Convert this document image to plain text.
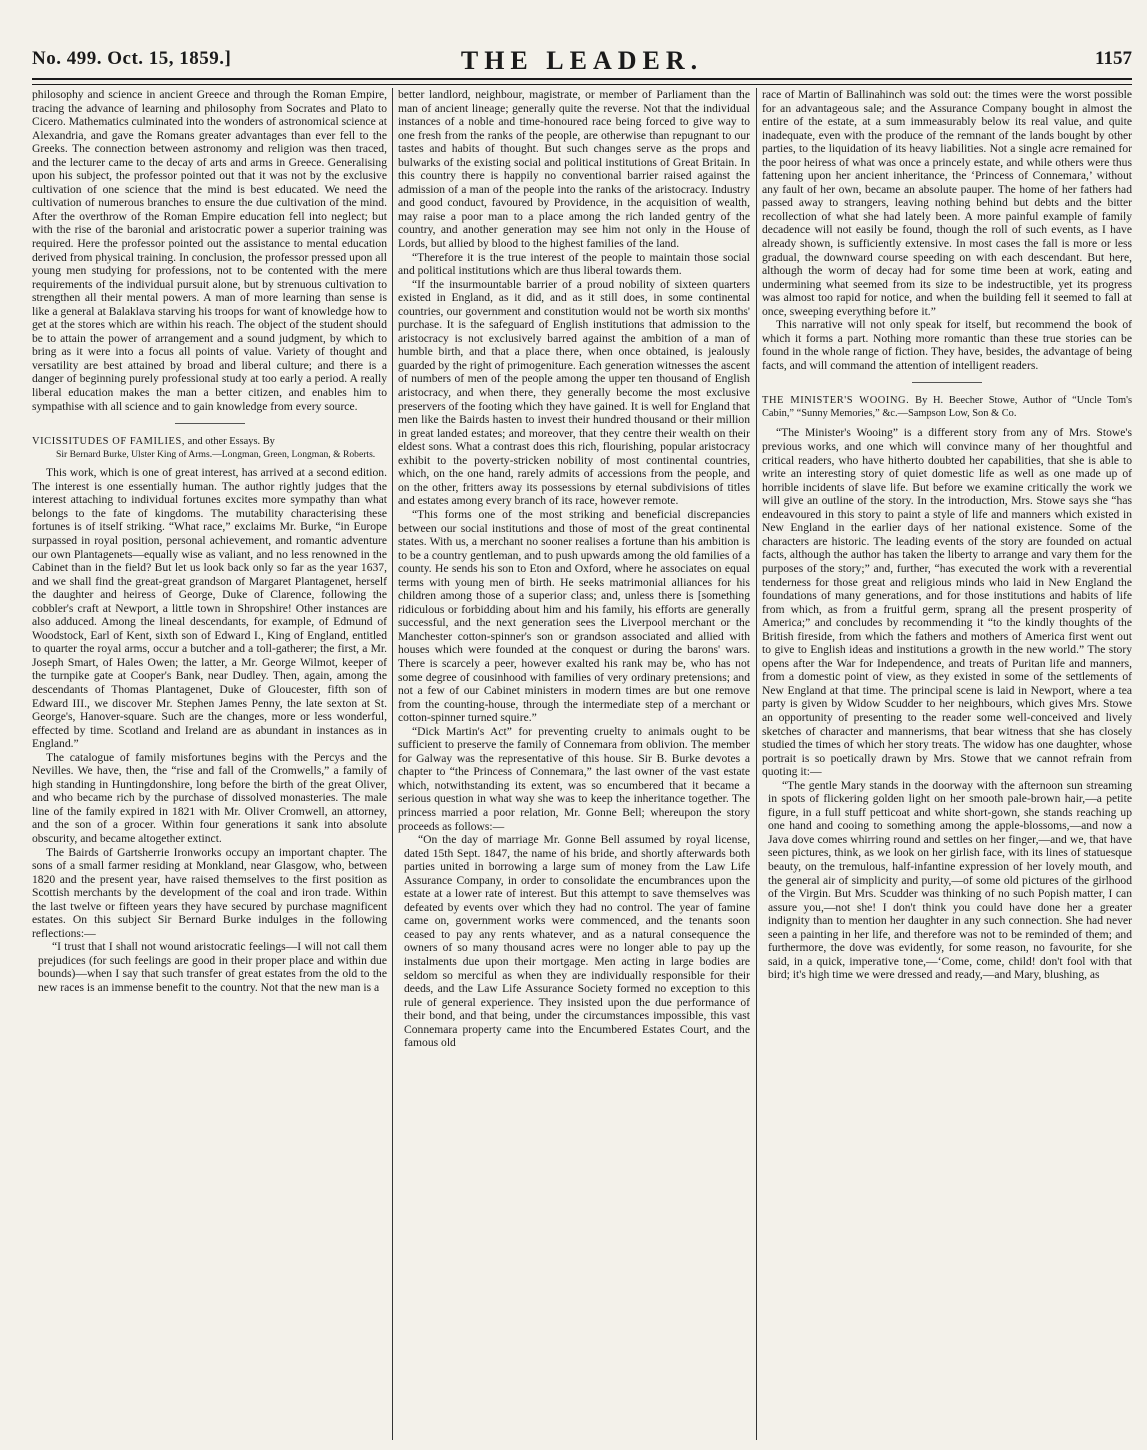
No. 499. Oct. 15, 1859.]	THE LEADER.	1157

philosophy and science in ancient Greece and through the Roman Empire, tracing the advance of learning and philosophy from Socrates and Plato to Cicero. Mathematics culminated into the wonders of astronomical science at Alexandria, and gave the Romans greater advantages than ever fell to the Greeks. The connection between astronomy and religion was then traced, and the lecturer came to the decay of arts and arms in Greece. Generalising upon his subject, the professor pointed out that it was not by the exclusive cultivation of one science that the mind is best educated. We need the cultivation of numerous branches to ensure the due cultivation of the mind. After the overthrow of the Roman Empire education fell into neglect; but with the rise of the baronial and aristocratic power a superior training was required. Here the professor pointed out the assistance to mental education derived from physical training. In conclusion, the professor pressed upon all young men studying for professions, not to be contented with the mere requirements of the individual pursuit alone, but by strenuous cultivation to strengthen all their mental powers. A man of more learning than sense is like a general at Balaklava starving his troops for want of knowledge how to get at the stores which are within his reach. The object of the student should be to attain the power of arrangement and a sound judgment, by which to bring as it were into a focus all points of value. Variety of thought and versatility are best attained by broad and liberal culture; and there is a danger of beginning purely professional study at too early a period. A really liberal education makes the man a better citizen, and enables him to sympathise with all science and to gain knowledge from every source.

VICISSITUDES OF FAMILIES, and other Essays. By

Sir Bernard Burke, Ulster King of Arms.—Longman, Green, Longman, & Roberts.

This work, which is one of great interest, has arrived at a second edition. The interest is one essentially human. The author rightly judges that the interest attaching to individual fortunes excites more sympathy than what belongs to the fate of kingdoms. The mutability characterising these fortunes is of itself striking. “What race,” exclaims Mr. Burke, “in Europe surpassed in royal position, personal achievement, and romantic adventure our own Plantagenets—equally wise as valiant, and no less renowned in the Cabinet than in the field? But let us look back only so far as the year 1637, and we shall find the great-great grandson of Margaret Plantagenet, herself the daughter and heiress of George, Duke of Clarence, following the cobbler's craft at Newport, a little town in Shropshire! Other instances are also adduced. Among the lineal descendants, for example, of Edmund of Woodstock, Earl of Kent, sixth son of Edward I., King of England, entitled to quarter the royal arms, occur a butcher and a toll-gatherer; the first, a Mr. Joseph Smart, of Hales Owen; the latter, a Mr. George Wilmot, keeper of the turnpike gate at Cooper's Bank, near Dudley. Then, again, among the descendants of Thomas Plantagenet, Duke of Gloucester, fifth son of Edward III., we discover Mr. Stephen James Penny, the late sexton at St. George's, Hanover-square. Such are the changes, more or less wonderful, effected by time. Scotland and Ireland are as abundant in instances as in England.”

The catalogue of family misfortunes begins with the Percys and the Nevilles. We have, then, the “rise and fall of the Cromwells,” a family of high standing in Huntingdonshire, long before the birth of the great Oliver, and who became rich by the purchase of dissolved monasteries. The male line of the family expired in 1821 with Mr. Oliver Cromwell, an attorney, and the son of a grocer. Within four generations it sank into absolute obscurity, and became altogether extinct.

The Bairds of Gartsherrie Ironworks occupy an important chapter. The sons of a small farmer residing at Monkland, near Glasgow, who, between 1820 and the present year, have raised themselves to the first position as Scottish merchants by the development of the coal and iron trade. Within the last twelve or fifteen years they have secured by purchase magnificent estates. On this subject Sir Bernard Burke indulges in the following reflections:—

“I trust that I shall not wound aristocratic feelings—I will not call them prejudices (for such feelings are good in their proper place and within due bounds)—when I say that such transfer of great estates from the old to the new races is an immense benefit to the country. Not that the new man is a

better landlord, neighbour, magistrate, or member of Parliament than the man of ancient lineage; generally quite the reverse. Not that the individual instances of a noble and time-honoured race being forced to give way to one fresh from the ranks of the people, are otherwise than repugnant to our tastes and habits of thought. But such changes serve as the props and bulwarks of the existing social and political institutions of Great Britain. In this country there is happily no conventional barrier raised against the admission of a man of the people into the ranks of the aristocracy. Industry and good conduct, favoured by Providence, in the acquisition of wealth, may raise a poor man to a place among the rich landed gentry of the country, and another generation may see him not only in the House of Lords, but allied by blood to the highest families of the land.

“Therefore it is the true interest of the people to maintain those social and political institutions which are thus liberal towards them.

“If the insurmountable barrier of a proud nobility of sixteen quarters existed in England, as it did, and as it still does, in some continental countries, our government and constitution would not be worth six months' purchase. It is the safeguard of English institutions that admission to the aristocracy is not exclusively barred against the ambition of a man of humble birth, and that a place there, when once obtained, is jealously guarded by the right of primogeniture. Each generation witnesses the ascent of numbers of men of the people among the upper ten thousand of English aristocracy, and when there, they generally become the most exclusive preservers of the footing which they have gained. It is well for England that men like the Bairds hasten to invest their hundred thousand or their million in great landed estates; and moreover, that they centre their wealth on their eldest sons. What a contrast does this rich, flourishing, popular aristocracy exhibit to the poverty-stricken nobility of most continental countries, which, on the one hand, rarely admits of accessions from the people, and on the other, fritters away its possessions by eternal subdivisions of titles and estates among every branch of its race, however remote.

“This forms one of the most striking and beneficial discrepancies between our social institutions and those of most of the great continental states. With us, a merchant no sooner realises a fortune than his ambition is to be a country gentleman, and to push upwards among the old families of a county. He sends his son to Eton and Oxford, where he associates on equal terms with young men of birth. He seeks matrimonial alliances for his children among those of a superior class; and, unless there is [something ridiculous or forbidding about him and his family, his efforts are generally successful, and the next generation sees the Liverpool merchant or the Manchester cotton-spinner's son or grandson associated and allied with houses which were founded at the conquest or during the barons' wars. There is scarcely a peer, however exalted his rank may be, who has not some degree of cousinhood with families of very ordinary pretensions; and not a few of our Cabinet ministers in modern times are but one remove from the counting-house, through the intermediate step of a merchant or cotton-spinner turned squire.”

“Dick Martin's Act” for preventing cruelty to animals ought to be sufficient to preserve the family of Connemara from oblivion. The member for Galway was the representative of this house. Sir B. Burke devotes a chapter to “the Princess of Connemara,” the last owner of the vast estate which, notwithstanding its extent, was so encumbered that it became a serious question in what way she was to keep the inheritance together. The princess married a poor relation, Mr. Gonne Bell; whereupon the story proceeds as follows:—

“On the day of marriage Mr. Gonne Bell assumed by royal license, dated 15th Sept. 1847, the name of his bride, and shortly afterwards both parties united in borrowing a large sum of money from the Law Life Assurance Company, in order to consolidate the encumbrances upon the estate at a lower rate of interest. But this attempt to save themselves was defeated by events over which they had no control. The year of famine came on, government works were commenced, and the tenants soon ceased to pay any rents whatever, and as a natural consequence the owners of so many thousand acres were no longer able to pay up the instalments due upon their mortgage. Men acting in large bodies are seldom so merciful as when they are individually responsible for their deeds, and the Law Life Assurance Society formed no exception to this rule of general experience. They insisted upon the due performance of their bond, and that being, under the circumstances impossible, this vast Connemara property came into the Encumbered Estates Court, and the famous old

race of Martin of Ballinahinch was sold out: the times were the worst possible for an advantageous sale; and the Assurance Company bought in almost the entire of the estate, at a sum immeasurably below its real value, and quite inadequate, even with the produce of the remnant of the lands bought by other parties, to the liquidation of its heavy liabilities. Not a single acre remained for the poor heiress of what was once a princely estate, and while others were thus fattening upon her ancient inheritance, the ‘Princess of Connemara,’ without any fault of her own, became an absolute pauper. The home of her fathers had passed away to strangers, leaving nothing behind but debts and the bitter recollection of what she had lately been. A more painful example of family decadence will not easily be found, though the roll of such events, as I have already shown, is sufficiently extensive. In most cases the fall is more or less gradual, the downward course speeding on with each descendant. But here, although the worm of decay had for some time been at work, eating and undermining what seemed from its size to be indestructible, yet its progress was almost too rapid for notice, and when the building fell it seemed to fall at once, sweeping everything before it.”

This narrative will not only speak for itself, but recommend the book of which it forms a part. Nothing more romantic than these true stories can be found in the whole range of fiction. They have, besides, the advantage of being facts, and will command the attention of intelligent readers.

THE MINISTER'S WOOING. By H. Beecher Stowe, Author of “Uncle Tom's Cabin,” “Sunny Memories,” &c.—Sampson Low, Son & Co.

“The Minister's Wooing” is a different story from any of Mrs. Stowe's previous works, and one which will convince many of her thoughtful and critical readers, who have hitherto doubted her capabilities, that she is able to write an interesting story of quiet domestic life as well as one made up of horrible incidents of slave life. But before we examine critically the work we will give an outline of the story. In the introduction, Mrs. Stowe says she “has endeavoured in this story to paint a style of life and manners which existed in New England in the earlier days of her national existence. Some of the characters are historic. The leading events of the story are founded on actual facts, although the author has taken the liberty to arrange and vary them for the purposes of the story;” and, further, “has executed the work with a reverential tenderness for those great and religious minds who laid in New England the foundations of many generations, and for those institutions and habits of life from which, as from a fruitful germ, sprang all the present prosperity of America;” and concludes by recommending it “to the kindly thoughts of the British fireside, from which the fathers and mothers of America first went out to give to English ideas and institutions a growth in the new world.” The story opens after the War for Independence, and treats of Puritan life and manners, from a domestic point of view, as they existed in some of the settlements of New England at that time. The principal scene is laid in Newport, where a tea party is given by Widow Scudder to her neighbours, which gives Mrs. Stowe an opportunity of presenting to the reader some well-conceived and lively sketches of character and mannerisms, that bear witness that she has closely studied the times of which her story treats. The widow has one daughter, whose portrait is so poetically drawn by Mrs. Stowe that we cannot refrain from quoting it:—

“The gentle Mary stands in the doorway with the afternoon sun streaming in spots of flickering golden light on her smooth pale-brown hair,—a petite figure, in a full stuff petticoat and white short-gown, she stands reaching up one hand and cooing to something among the apple-blossoms,—and now a Java dove comes whirring round and settles on her finger,—and we, that have seen pictures, think, as we look on her girlish face, with its lines of statuesque beauty, on the tremulous, half-infantine expression of her lovely mouth, and the general air of simplicity and purity,—of some old pictures of the girlhood of the Virgin. But Mrs. Scudder was thinking of no such Popish matter, I can assure you,—not she! I don't think you could have done her a greater indignity than to mention her daughter in any such connection. She had never seen a painting in her life, and therefore was not to be reminded of them; and furthermore, the dove was evidently, for some reason, no favourite, for she said, in a quick, imperative tone,—‘Come, come, child! don't fool with that bird; it's high time we were dressed and ready,—and Mary, blushing, as
